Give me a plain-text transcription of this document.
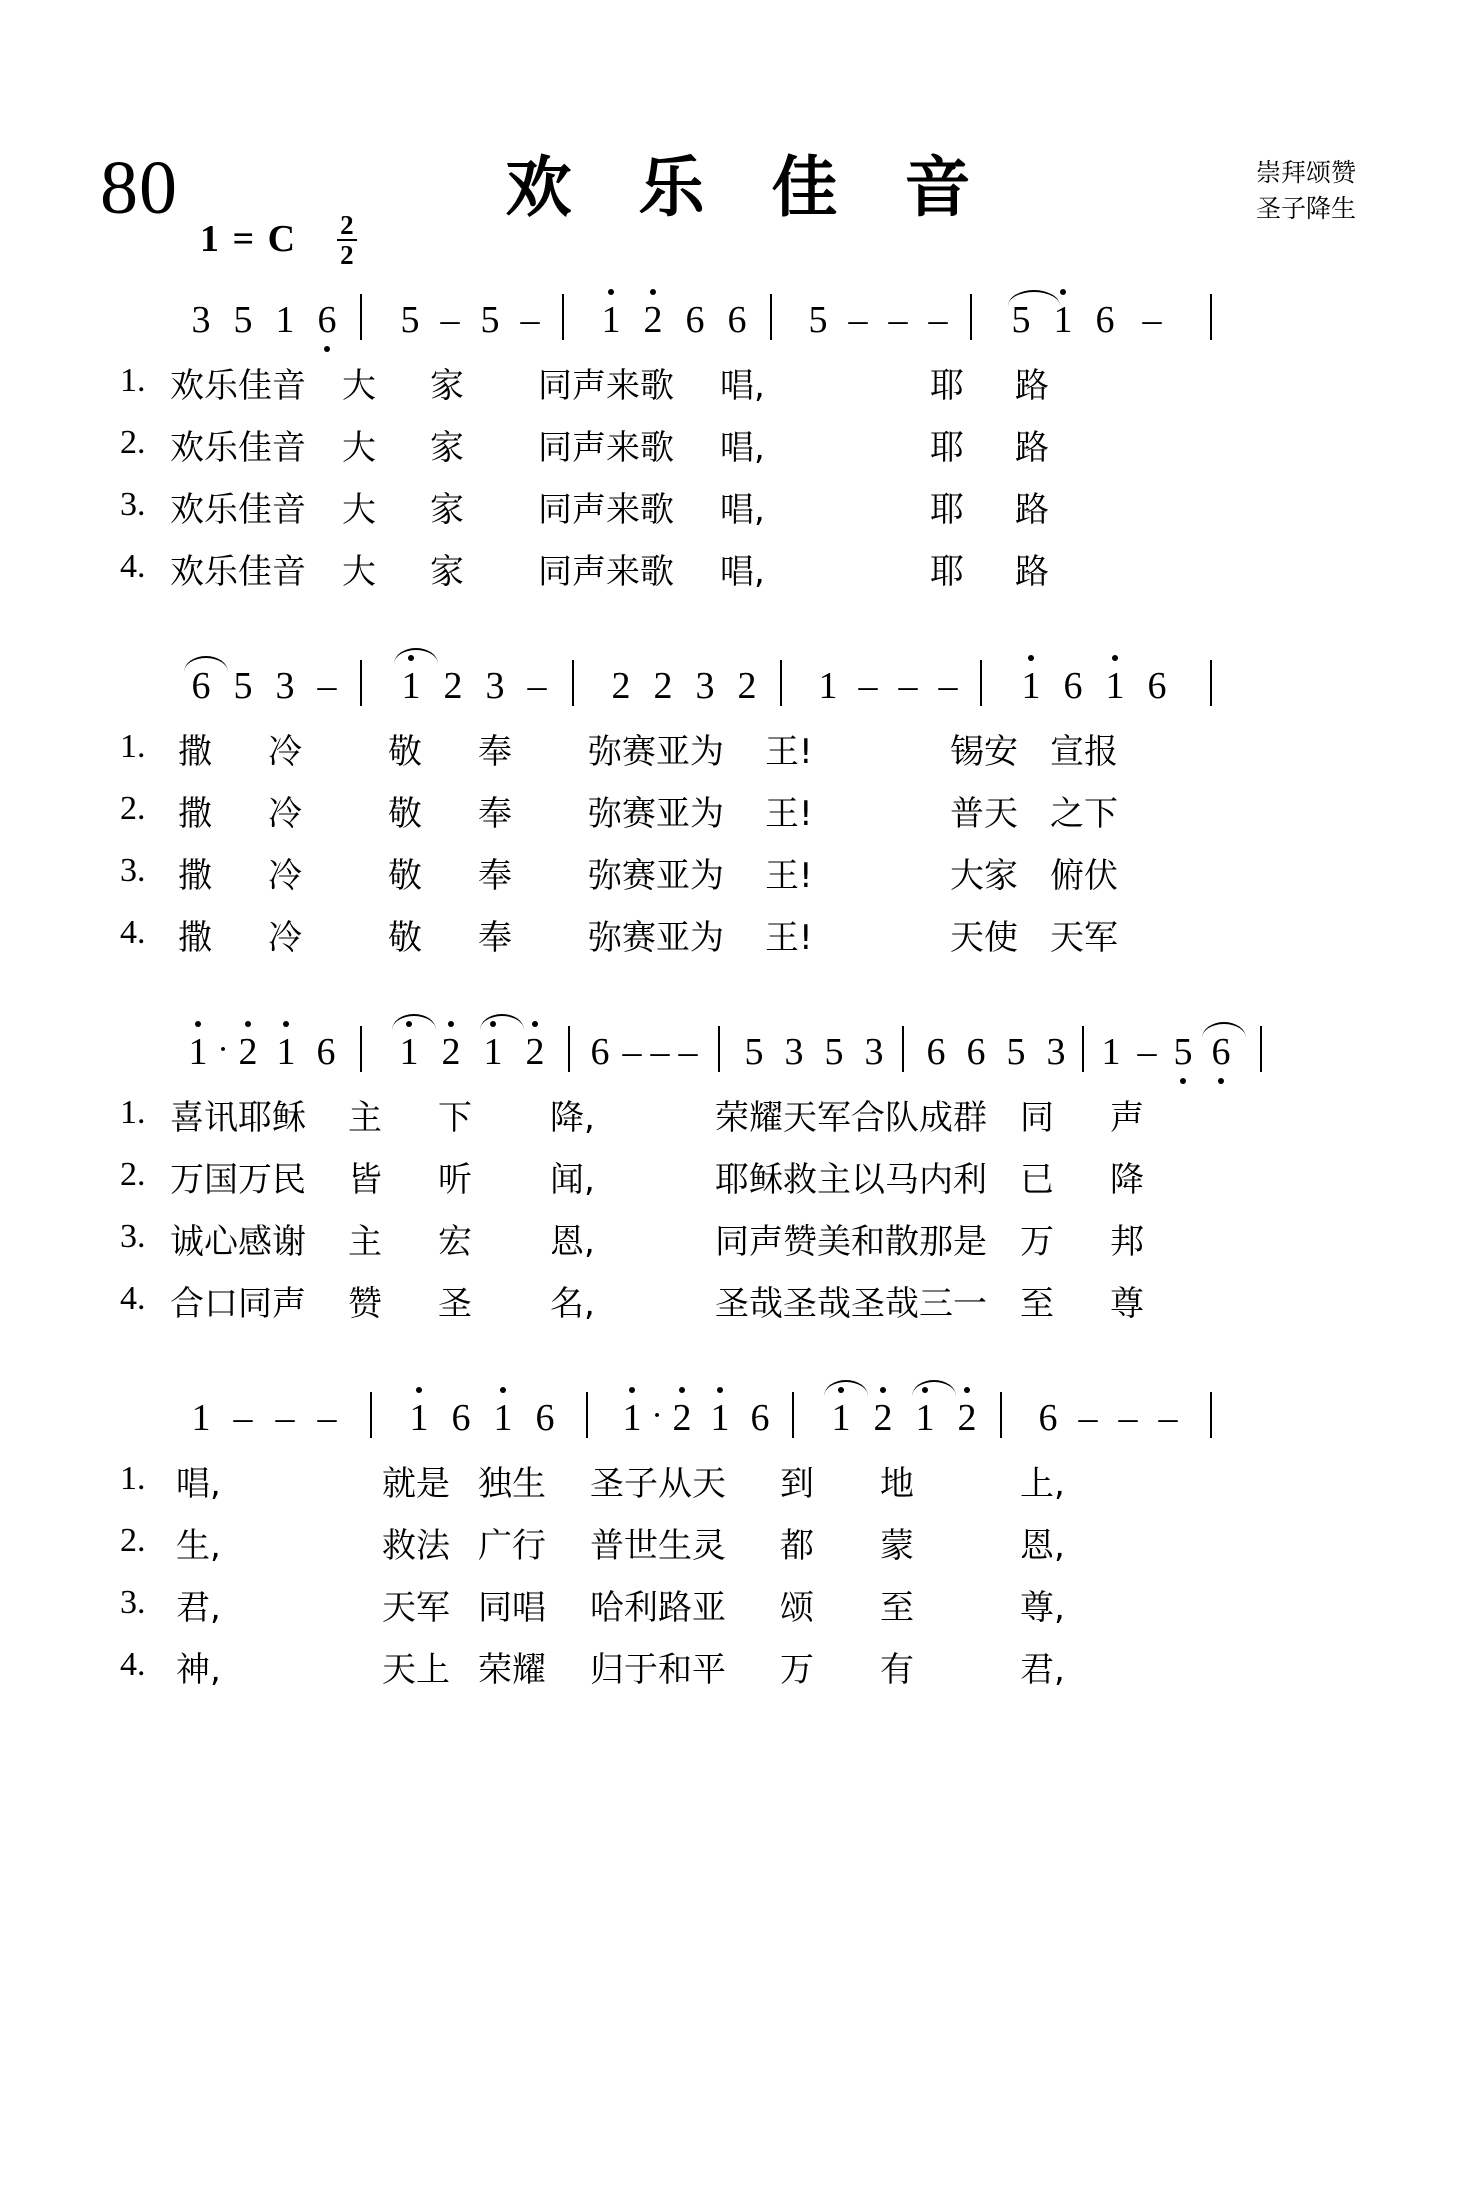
80	欢 乐 佳 音	崇拜颂赞
圣子降生
1 = C $\frac{2}{2}$
3 5 1 6	5 – 5 –	1 2 6 6	5 – – –	5 1 6 –
1. 欢乐佳音 大 家 同声来歌 唱,	耶 路
2. 欢乐佳音 大 家 同声来歌 唱,	耶 路
3. 欢乐佳音 大 家 同声来歌 唱,	耶 路
4. 欢乐佳音 大 家 同声来歌 唱,	耶 路
6 5 3 –	1 2 3 –	2 2 3 2	1 – – –	1 6 1 6
1. 撒 冷	敬 奉 弥赛亚为 王!	锡安 宣报
2. 撒 冷	敬 奉 弥赛亚为 王!	普天 之下
3. 撒 冷	敬 奉 弥赛亚为 王!	大家 俯伏
4. 撒 冷	敬 奉 弥赛亚为 王!	天使 天军
1 · 2 1 6	1 2 1 2	6 – – – 5 3 5 3 6 6 5 3 1 – 5 6
1. 喜讯耶稣 主 下 降,	荣耀天军合队成群 同 声
2. 万国万民 皆 听 闻,	耶稣救主以马内利 已 降
3. 诚心感谢 主 宏 恩,	同声赞美和散那是 万 邦
4. 合口同声 赞 圣 名,	圣哉圣哉圣哉三一 至 尊
1 – – –	1 6 1 6	1 · 2 1 6	1 2 1 2	6 – – –
1. 唱,	就是 独生 圣子从天 到 地	上,
2. 生,	救法 广行 普世生灵 都 蒙	恩,
3. 君,	天军 同唱 哈利路亚 颂 至	尊,
4. 神,	天上 荣耀 归于和平 万 有	君,
